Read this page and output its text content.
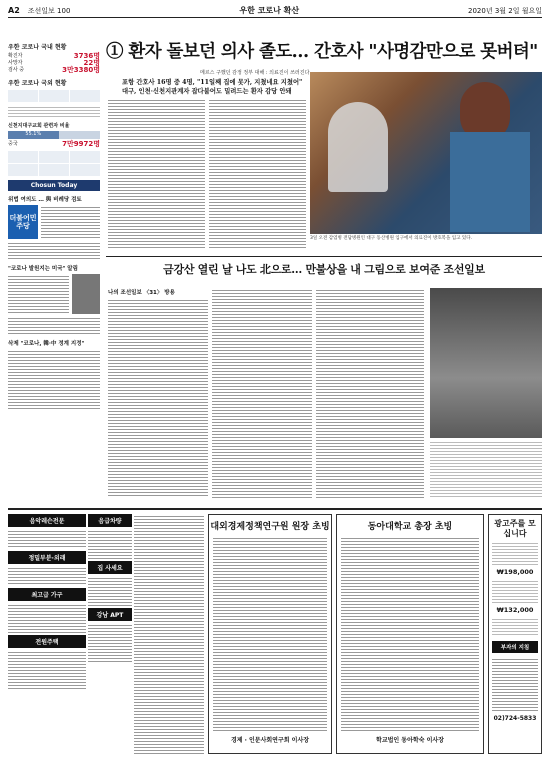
A2 조선일보 100	우한 코로나 확산	2020년 3월 2일 월요일
우한 코로나 국내 현황
확진자	3736명
사망자	22명
검사 중	3만3380명
우한 코로나 국외 현황
신천지대구교회 관련자 비율
55.1%
중국	7만9972명
Chosun Today
위법 여의도 … 與 비례당 검토
더불어민주당
"코로나 발원지는 미국" 알림
삭제 "코로나, 韓·中 정계 지정"
① 환자 돌보던 의사 졸도… 간호사 "사명감만으로 못버텨"
메르스 구했던 감정 정부 대해 : 의료진이 쓰러진다
포항 간호사 16명 중 4명, "11일째 집에 못가, 지쳤네요 지쳤어" 대구, 인천·신천지관계자 잡다불어도 밀려드는 환자 감당 안돼
3일 오전 감염병 전담병원인 대구 동산병원 입구에서 의료진이 방호복을 입고 있다.
금강산 열린 날 나도 北으로… 만불상을 내 그림으로 보여준 조선일보
나의 조선일보 〈31〉 방용
음악레슨전문
정밀부분·외래
최고급 가구
전원주택
음급차량
집 사세요
강남 APT
대외경제정책연구원 원장 초빙
경제 · 인문사회연구회 이사장
동아대학교 총장 초빙
학교법인 동아학숙 이사장
광고주를 모십니다
₩198,000
₩132,000
부자의 지침
02)724-5833
